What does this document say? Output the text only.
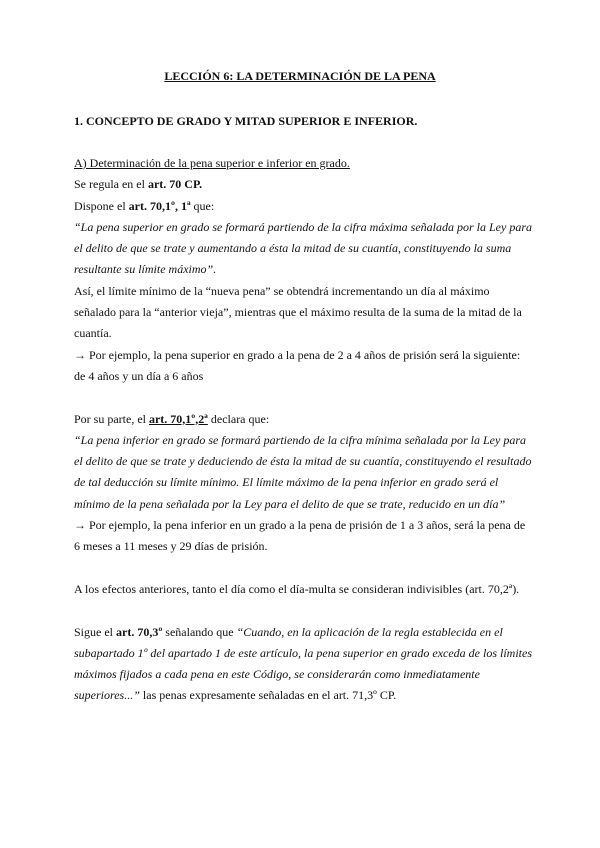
LECCIÓN 6: LA DETERMINACIÓN DE LA PENA
1. CONCEPTO DE GRADO Y MITAD SUPERIOR E INFERIOR.

A) Determinación de la pena superior e inferior en grado.

Se regula en el art. 70 CP.

Dispone el art. 70,1º, 1ª que:

“La pena superior en grado se formará partiendo de la cifra máxima señalada por la Ley para el delito de que se trate y aumentando a ésta la mitad de su cuantía, constituyendo la suma resultante su límite máximo”.

Así, el límite mínimo de la “nueva pena” se obtendrá incrementando un día al máximo señalado para la “anterior vieja”, mientras que el máximo resulta de la suma de la mitad de la cuantía.

→ Por ejemplo, la pena superior en grado a la pena de 2 a 4 años de prisión será la siguiente: de 4 años y un día a 6 años

Por su parte, el art. 70,1º,2ª declara que:

“La pena inferior en grado se formará partiendo de la cifra mínima señalada por la Ley para el delito de que se trate y deduciendo de ésta la mitad de su cuantía, constituyendo el resultado de tal deducción su límite mínimo. El límite máximo de la pena inferior en grado será el mínimo de la pena señalada por la Ley para el delito de que se trate, reducido en un día”

→ Por ejemplo, la pena inferior en un grado a la pena de prisión de 1 a 3 años, será la pena de 6 meses a 11 meses y 29 días de prisión.

A los efectos anteriores, tanto el día como el día-multa se consideran indivisibles (art. 70,2ª).

Sigue el art. 70,3º señalando que “Cuando, en la aplicación de la regla establecida en el subapartado 1º del apartado 1 de este artículo, la pena superior en grado exceda de los límites máximos fijados a cada pena en este Código, se considerarán como inmediatamente superiores...” las penas expresamente señaladas en el art. 71,3º CP.
